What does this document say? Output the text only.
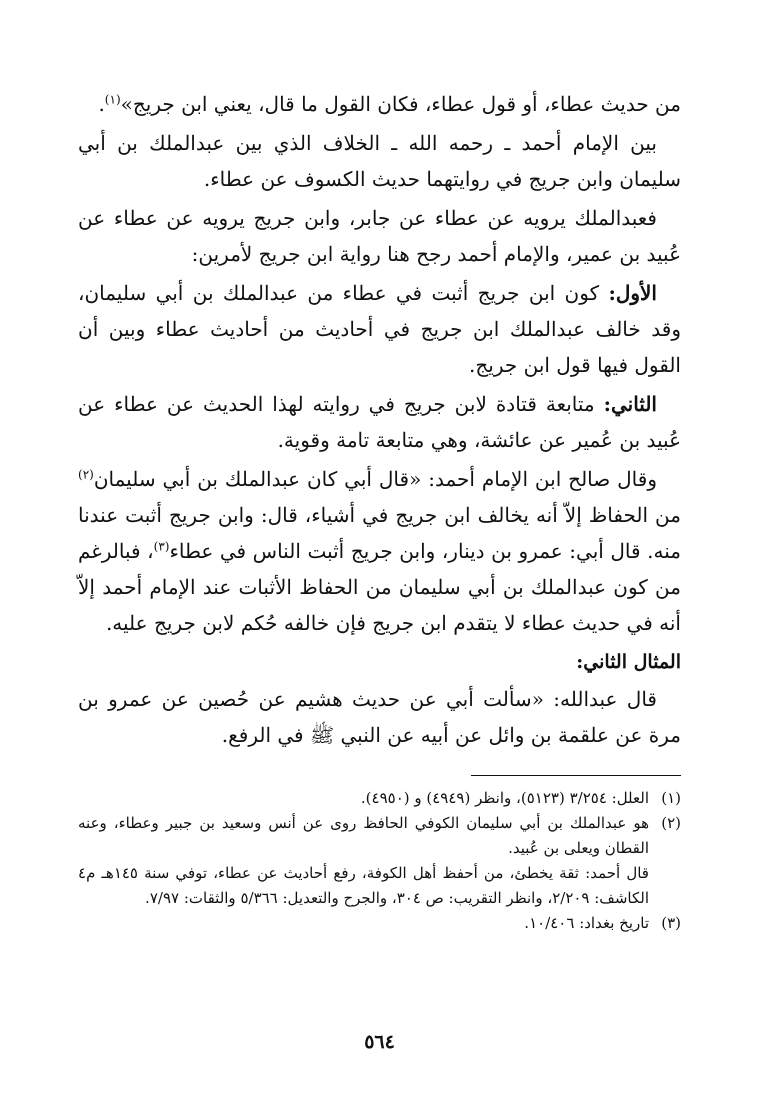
من حديث عطاء، أو قول عطاء، فكان القول ما قال، يعني ابن جريج»$^{(١)}$.

بين الإمام أحمد ـ رحمه الله ـ الخلاف الذي بين عبدالملك بن أبي سليمان وابن جريج في روايتهما حديث الكسوف عن عطاء.

فعبدالملك يرويه عن عطاء عن جابر، وابن جريج يرويه عن عطاء عن عُبيد بن عمير، والإمام أحمد رجح هنا رواية ابن جريج لأمرين:

الأول: كون ابن جريج أثبت في عطاء من عبدالملك بن أبي سليمان، وقد خالف عبدالملك ابن جريج في أحاديث من أحاديث عطاء وبين أن القول فيها قول ابن جريج.

الثاني: متابعة قتادة لابن جريج في روايته لهذا الحديث عن عطاء عن عُبيد بن عُمير عن عائشة، وهي متابعة تامة وقوية.

وقال صالح ابن الإمام أحمد: «قال أبي كان عبدالملك بن أبي سليمان$^{(٢)}$ من الحفاظ إلاّ أنه يخالف ابن جريج في أشياء، قال: وابن جريج أثبت عندنا منه. قال أبي: عمرو بن دينار، وابن جريج أثبت الناس في عطاء$^{(٣)}$، فبالرغم من كون عبدالملك بن أبي سليمان من الحفاظ الأثبات عند الإمام أحمد إلاّ أنه في حديث عطاء لا يتقدم ابن جريج فإن خالفه حُكم لابن جريج عليه.

المثال الثاني:

قال عبدالله: «سألت أبي عن حديث هشيم عن حُصين عن عمرو بن مرة عن علقمة بن وائل عن أبيه عن النبي ﷺ في الرفع.

(١)

العلل: ٣/٢٥٤ (٥١٢٣)، وانظر (٤٩٤٩) و (٤٩٥٠).

(٢)

هو عبدالملك بن أبي سليمان الكوفي الحافظ روى عن أنس وسعيد بن جبير وعطاء، وعنه القطان ويعلى بن عُبيد.

قال أحمد: ثقة يخطئ، من أحفظ أهل الكوفة، رفع أحاديث عن عطاء، توفي سنة ١٤٥هـ م٤ الكاشف: ٢/٢٠٩، وانظر التقريب: ص ٣٠٤، والجرح والتعديل: ٥/٣٦٦ والثقات: ٧/٩٧.

(٣)

تاريخ بغداد: ١٠/٤٠٦.

٥٦٤
